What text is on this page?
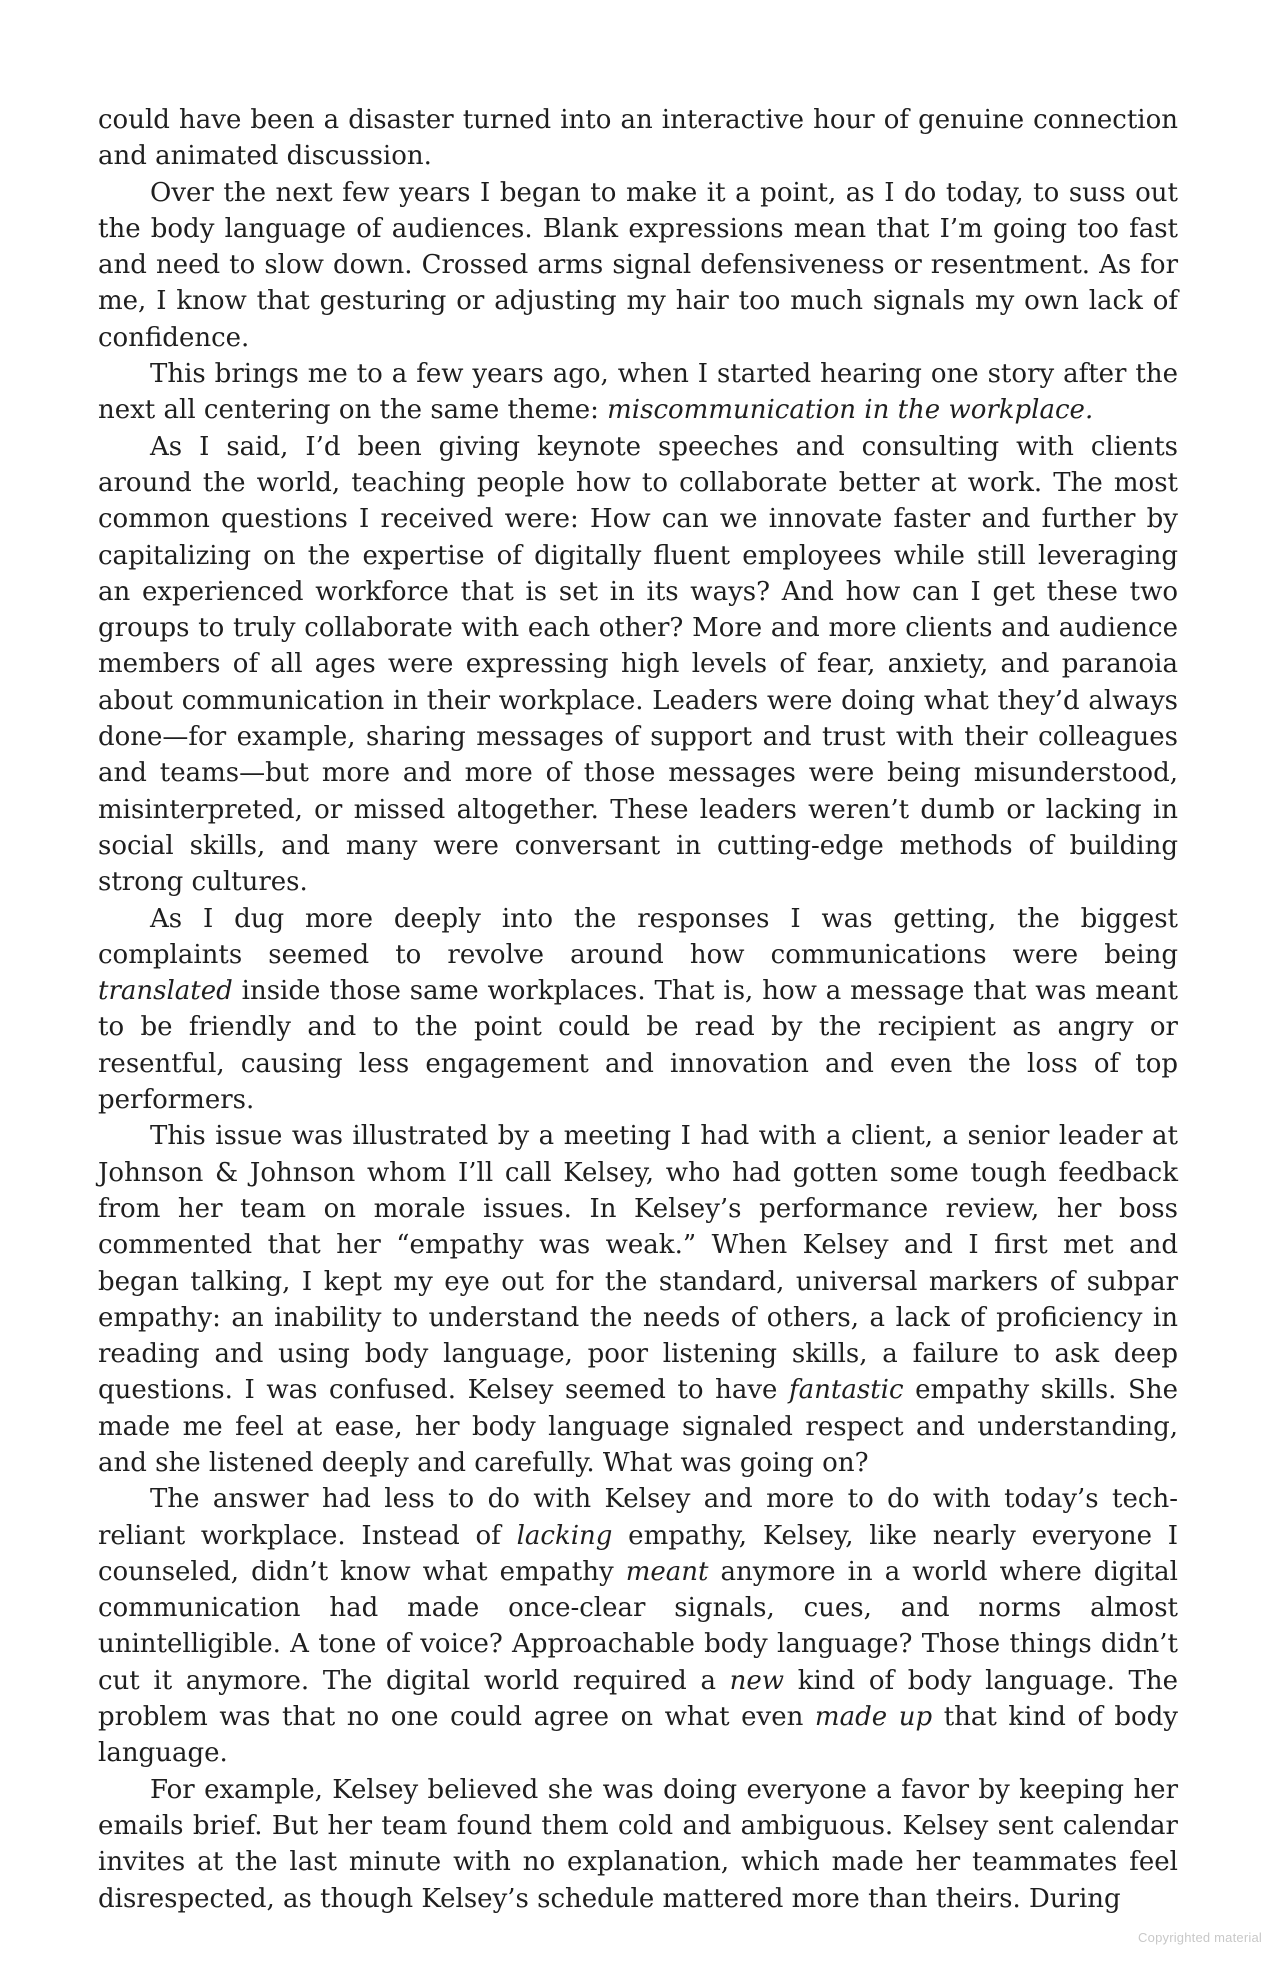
could have been a disaster turned into an interactive hour of genuine connection and animated discussion.

Over the next few years I began to make it a point, as I do today, to suss out the body language of audiences. Blank expressions mean that I’m going too fast and need to slow down. Crossed arms signal defensiveness or resentment. As for me, I know that gesturing or adjusting my hair too much signals my own lack of confidence.

This brings me to a few years ago, when I started hearing one story after the next all centering on the same theme: miscommunication in the workplace.

As I said, I’d been giving keynote speeches and consulting with clients around the world, teaching people how to collaborate better at work. The most common questions I received were: How can we innovate faster and further by capitalizing on the expertise of digitally fluent employees while still leveraging an experienced workforce that is set in its ways? And how can I get these two groups to truly collaborate with each other? More and more clients and audience members of all ages were expressing high levels of fear, anxiety, and paranoia about communication in their workplace. Leaders were doing what they’d always done—for example, sharing messages of support and trust with their colleagues and teams—but more and more of those messages were being misunderstood, misinterpreted, or missed altogether. These leaders weren’t dumb or lacking in social skills, and many were conversant in cutting-edge methods of building strong cultures.

As I dug more deeply into the responses I was getting, the biggest complaints seemed to revolve around how communications were being translated inside those same workplaces. That is, how a message that was meant to be friendly and to the point could be read by the recipient as angry or resentful, causing less engagement and innovation and even the loss of top performers.

This issue was illustrated by a meeting I had with a client, a senior leader at Johnson & Johnson whom I’ll call Kelsey, who had gotten some tough feedback from her team on morale issues. In Kelsey’s performance review, her boss commented that her “empathy was weak.” When Kelsey and I first met and began talking, I kept my eye out for the standard, universal markers of subpar empathy: an inability to understand the needs of others, a lack of proficiency in reading and using body language, poor listening skills, a failure to ask deep questions. I was confused. Kelsey seemed to have fantastic empathy skills. She made me feel at ease, her body language signaled respect and understanding, and she listened deeply and carefully. What was going on?

The answer had less to do with Kelsey and more to do with today’s tech-reliant workplace. Instead of lacking empathy, Kelsey, like nearly everyone I counseled, didn’t know what empathy meant anymore in a world where digital communication had made once-clear signals, cues, and norms almost unintelligible. A tone of voice? Approachable body language? Those things didn’t cut it anymore. The digital world required a new kind of body language. The problem was that no one could agree on what even made up that kind of body language.

For example, Kelsey believed she was doing everyone a favor by keeping her emails brief. But her team found them cold and ambiguous. Kelsey sent calendar invites at the last minute with no explanation, which made her teammates feel disrespected, as though Kelsey’s schedule mattered more than theirs. During

Copyrighted material
